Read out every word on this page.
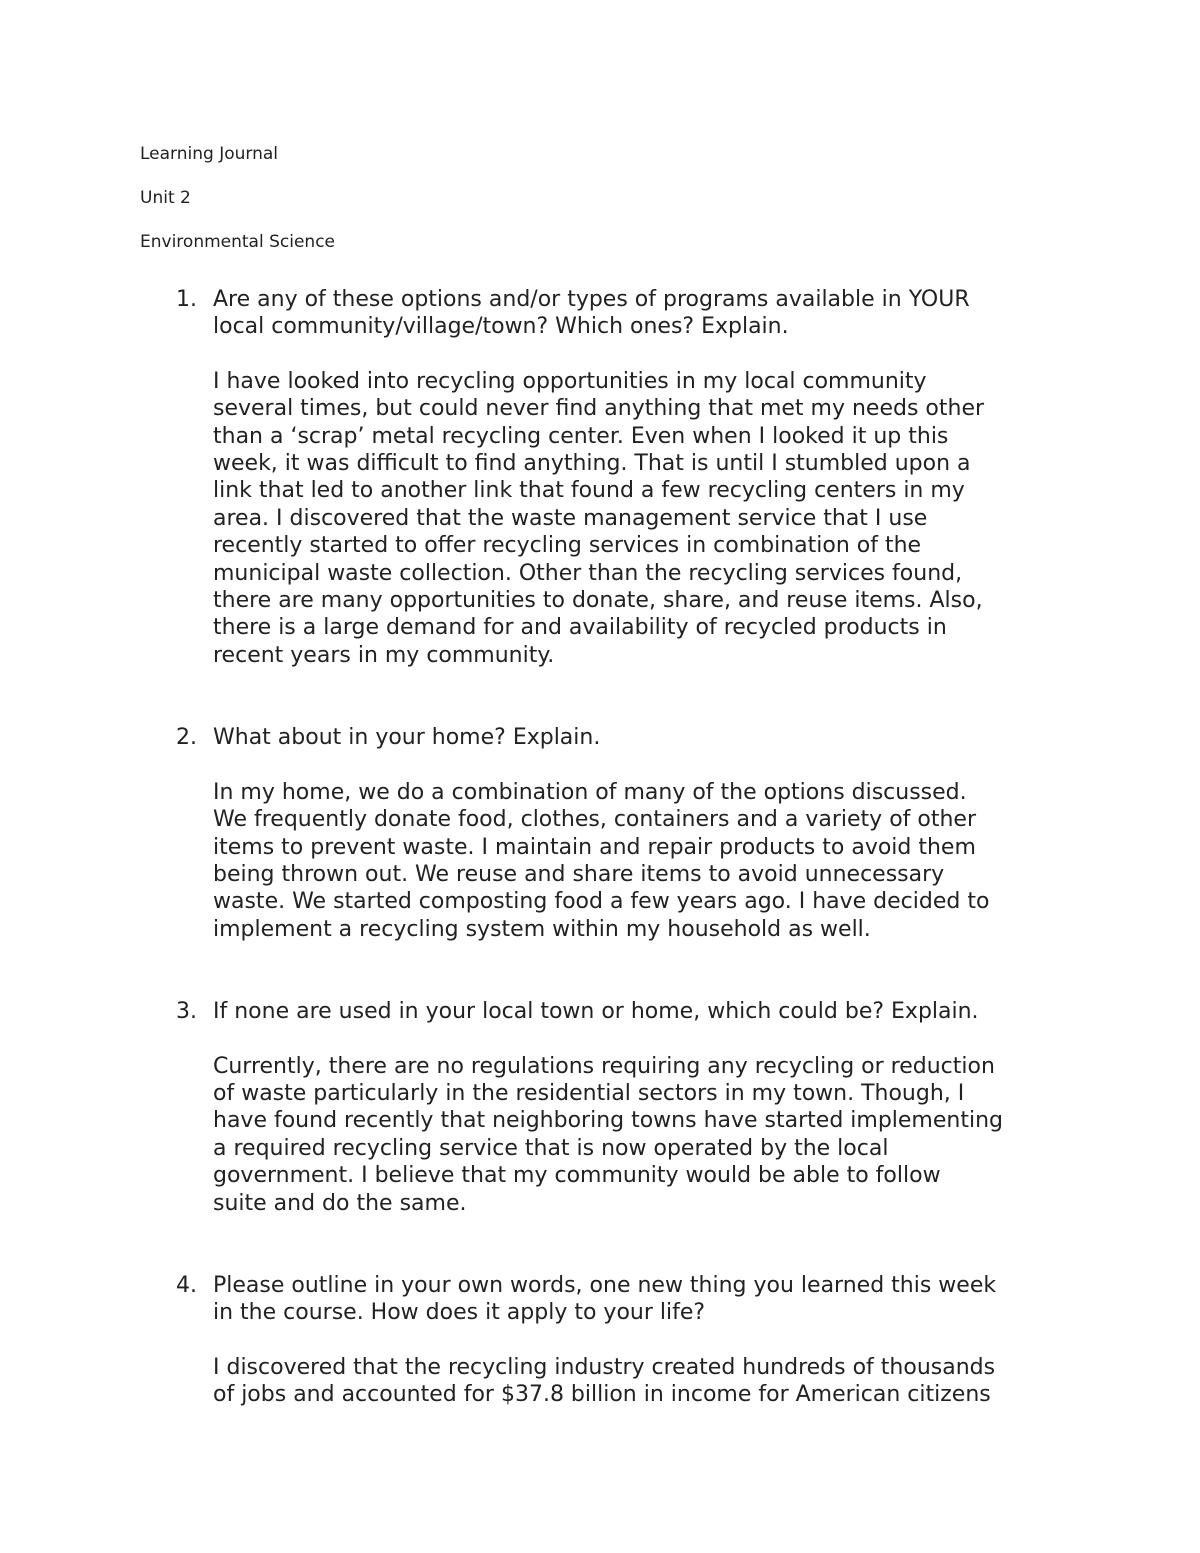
Learning Journal
Unit 2
Environmental Science
1. Are any of these options and/or types of programs available in YOUR
local community/village/town? Which ones? Explain.
I have looked into recycling opportunities in my local community
several times, but could never find anything that met my needs other
than a ‘scrap’ metal recycling center. Even when I looked it up this
week, it was difficult to find anything. That is until I stumbled upon a
link that led to another link that found a few recycling centers in my
area. I discovered that the waste management service that I use
recently started to offer recycling services in combination of the
municipal waste collection. Other than the recycling services found,
there are many opportunities to donate, share, and reuse items. Also,
there is a large demand for and availability of recycled products in
recent years in my community.
2. What about in your home? Explain.
In my home, we do a combination of many of the options discussed.
We frequently donate food, clothes, containers and a variety of other
items to prevent waste. I maintain and repair products to avoid them
being thrown out. We reuse and share items to avoid unnecessary
waste. We started composting food a few years ago. I have decided to
implement a recycling system within my household as well.
3. If none are used in your local town or home, which could be? Explain.
Currently, there are no regulations requiring any recycling or reduction
of waste particularly in the residential sectors in my town. Though, I
have found recently that neighboring towns have started implementing
a required recycling service that is now operated by the local
government. I believe that my community would be able to follow
suite and do the same.
4. Please outline in your own words, one new thing you learned this week
in the course. How does it apply to your life?
I discovered that the recycling industry created hundreds of thousands
of jobs and accounted for $37.8 billion in income for American citizens
